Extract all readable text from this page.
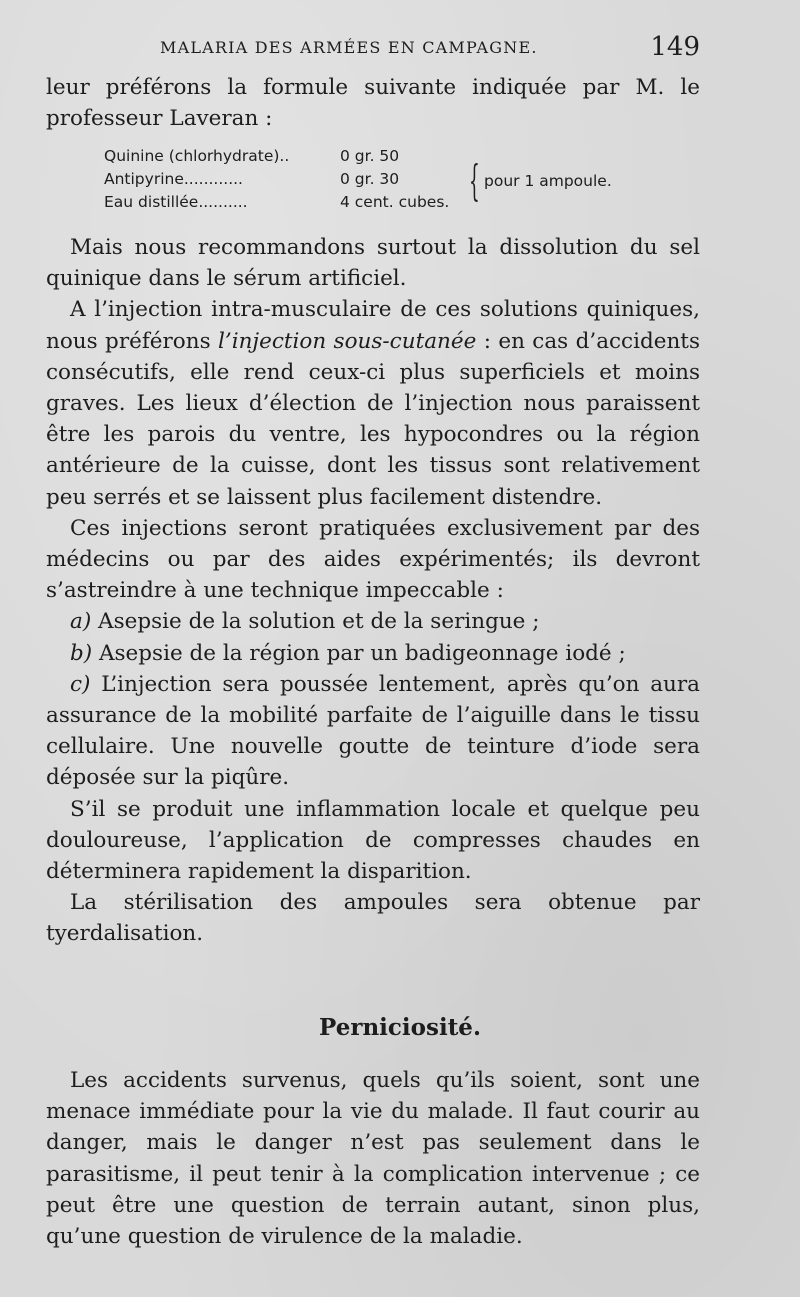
MALARIA DES ARMÉES EN CAMPAGNE.	149

leur préférons la formule suivante indiquée par M. le professeur Laveran :

Quinine (chlorhydrate)..	0 gr. 50
Antipyrine............	0 gr. 30
Eau distillée..........	4 cent. cubes. { pour 1 ampoule.

Mais nous recommandons surtout la dissolution du sel quinique dans le sérum artificiel.

A l’injection intra-musculaire de ces solutions quiniques, nous préférons l’injection sous-cutanée : en cas d’accidents consécutifs, elle rend ceux-ci plus superficiels et moins graves. Les lieux d’élection de l’injection nous paraissent être les parois du ventre, les hypocondres ou la région antérieure de la cuisse, dont les tissus sont relativement peu serrés et se laissent plus facilement distendre.

Ces injections seront pratiquées exclusivement par des médecins ou par des aides expérimentés; ils devront s’astreindre à une technique impeccable :

a) Asepsie de la solution et de la seringue ;

b) Asepsie de la région par un badigeonnage iodé ;

c) L’injection sera poussée lentement, après qu’on aura assurance de la mobilité parfaite de l’aiguille dans le tissu cellulaire. Une nouvelle goutte de teinture d’iode sera déposée sur la piqûre.

S’il se produit une inflammation locale et quelque peu douloureuse, l’application de compresses chaudes en déterminera rapidement la disparition.

La stérilisation des ampoules sera obtenue par tyerdalisation.

Perniciosité.

Les accidents survenus, quels qu’ils soient, sont une menace immédiate pour la vie du malade. Il faut courir au danger, mais le danger n’est pas seulement dans le parasitisme, il peut tenir à la complication intervenue ; ce peut être une question de terrain autant, sinon plus, qu’une question de virulence de la maladie.
